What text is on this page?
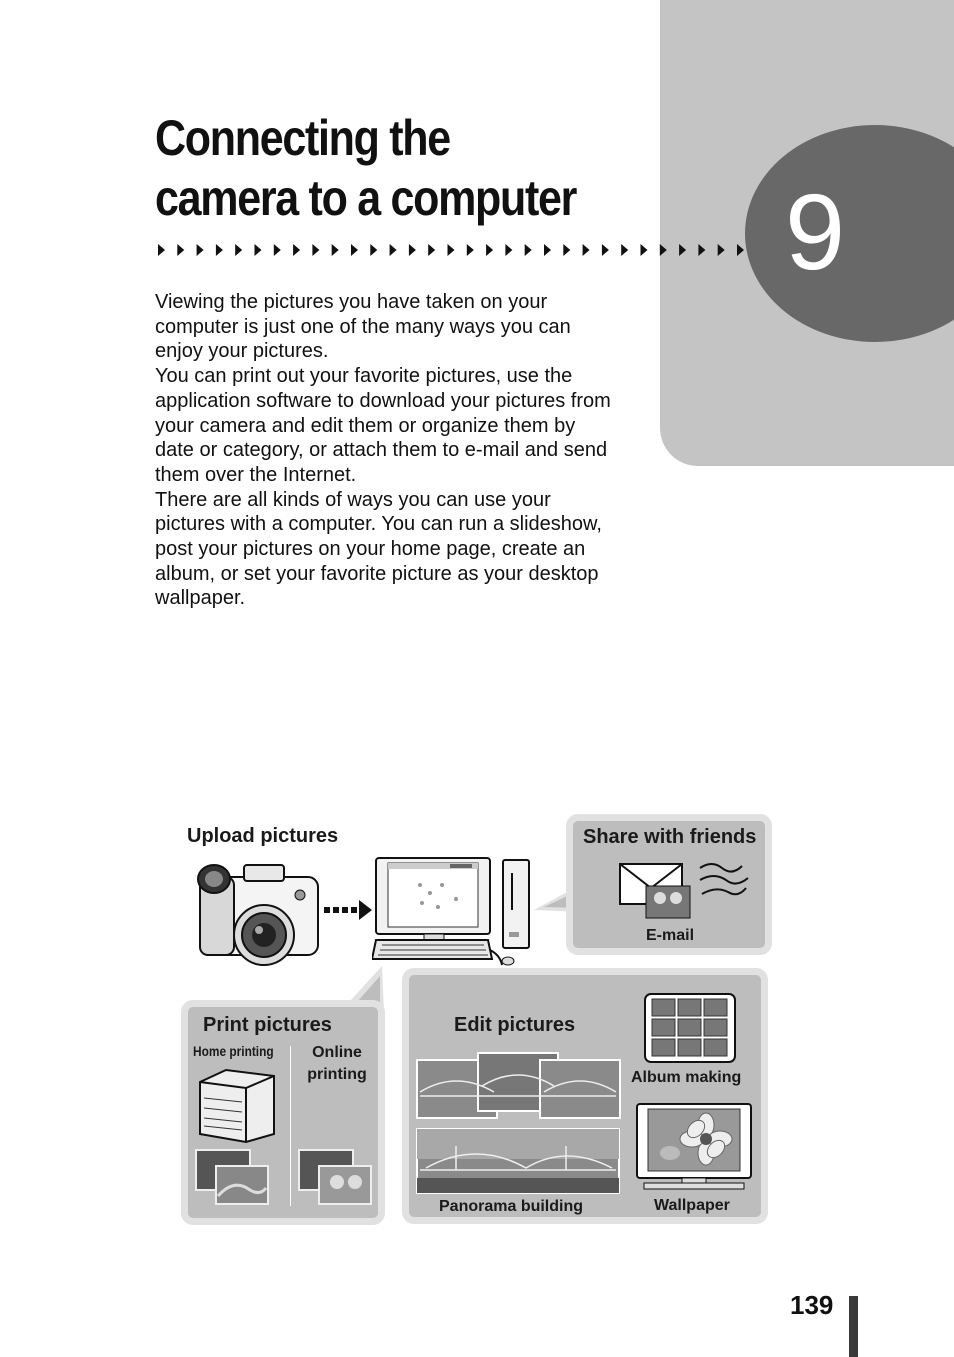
9
Connecting the
camera to a computer

Viewing the pictures you have taken on your computer is just one of the many ways you can enjoy your pictures.

You can print out your favorite pictures, use the application software to download your pictures from your camera and edit them or organize them by date or category, or attach them to e-mail and send them over the Internet.

There are all kinds of ways you can use your pictures with a computer. You can run a slideshow, post your pictures on your home page, create an album, or set your favorite picture as your desktop wallpaper.

Upload pictures	Share with friends
E-mail
Print pictures
Home printing	Online printing
Edit pictures
Album making
Panorama building	Wallpaper
139
